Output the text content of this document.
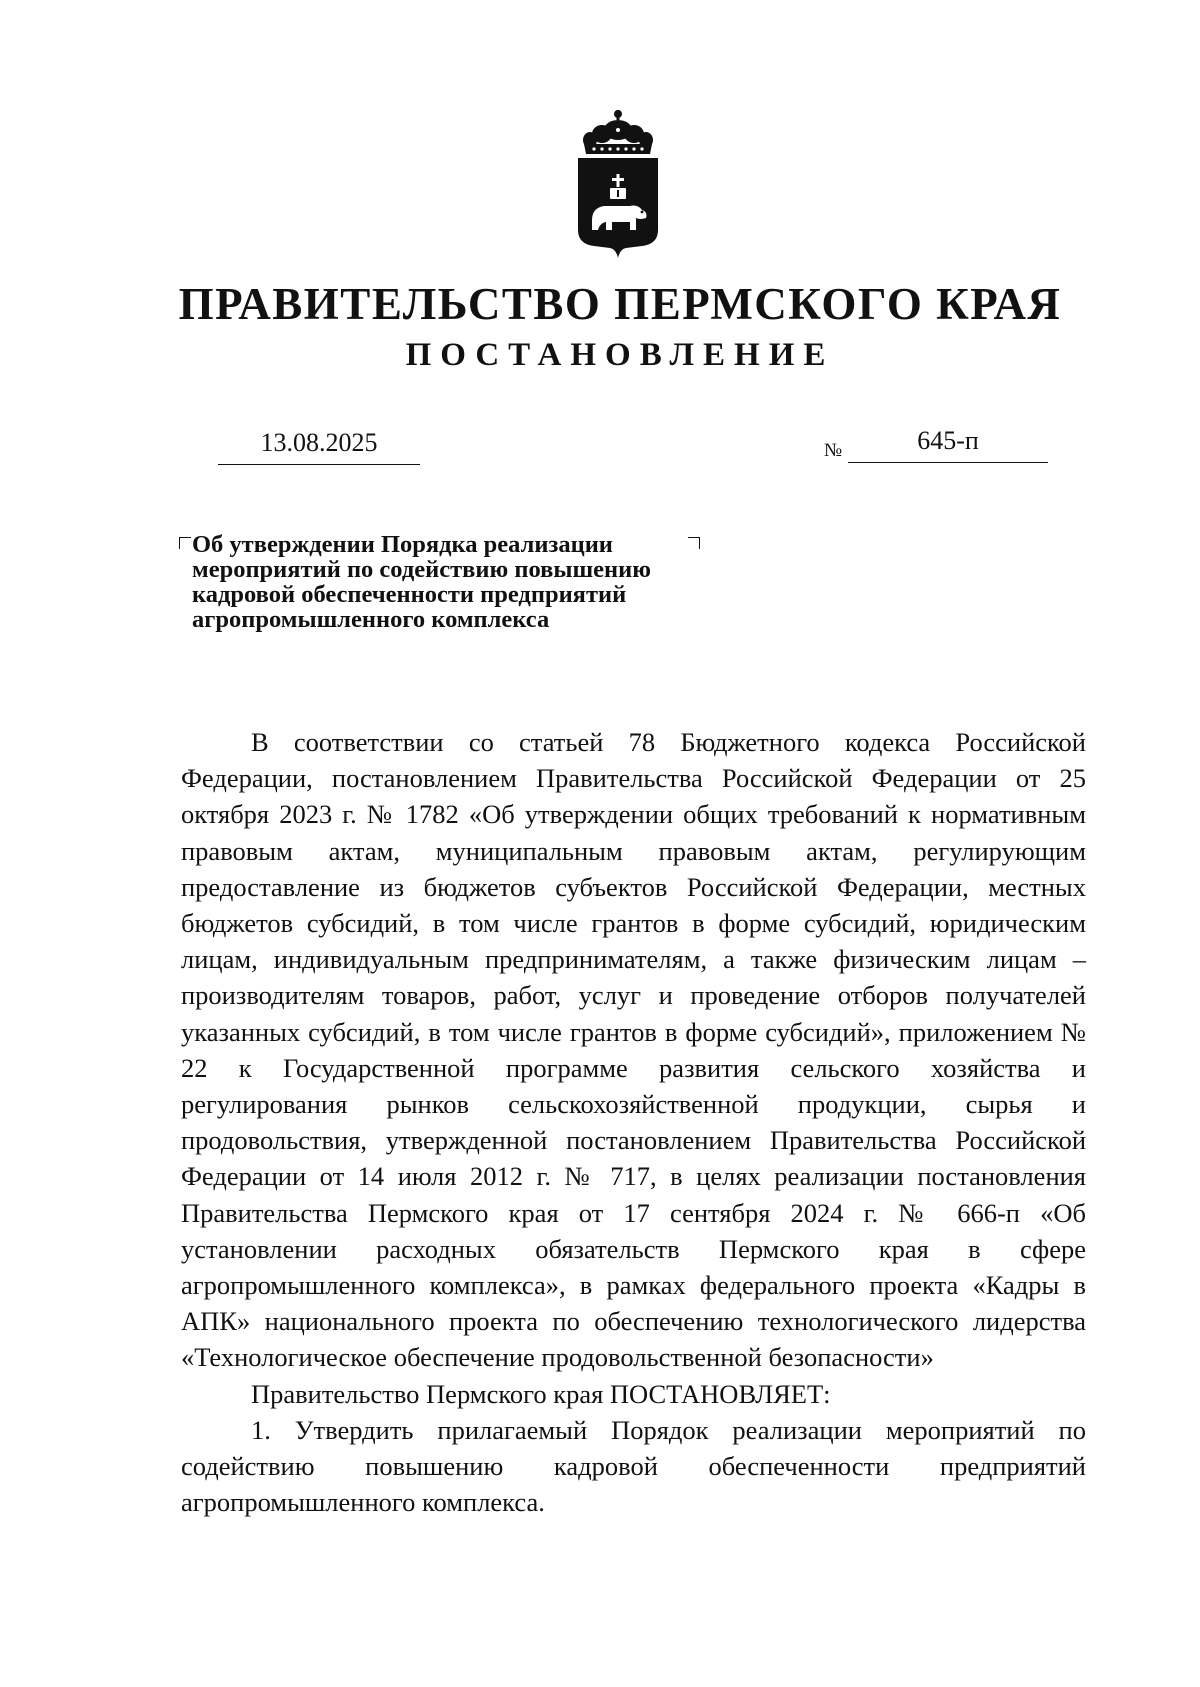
ПРАВИТЕЛЬСТВО ПЕРМСКОГО КРАЯ
ПОСТАНОВЛЕНИЕ
13.08.2025	№	645-п
Об утверждении Порядка реализации
мероприятий по содействию повышению
кадровой обеспеченности предприятий
агропромышленного комплекса

В соответствии со статьей 78 Бюджетного кодекса Российской Федерации, постановлением Правительства Российской Федерации от 25 октября 2023 г. № 1782 «Об утверждении общих требований к нормативным правовым актам, муниципальным правовым актам, регулирующим предоставление из бюджетов субъектов Российской Федерации, местных бюджетов субсидий, в том числе грантов в форме субсидий, юридическим лицам, индивидуальным предпринимателям, а также физическим лицам – производителям товаров, работ, услуг и проведение отборов получателей указанных субсидий, в том числе грантов в форме субсидий», приложением № 22 к Государственной программе развития сельского хозяйства и регулирования рынков сельскохозяйственной продукции, сырья и продовольствия, утвержденной постановлением Правительства Российской Федерации от 14 июля 2012 г. № 717, в целях реализации постановления Правительства Пермского края от 17 сентября 2024 г. № 666-п «Об установлении расходных обязательств Пермского края в сфере агропромышленного комплекса», в рамках федерального проекта «Кадры в АПК» национального проекта по обеспечению технологического лидерства «Технологическое обеспечение продовольственной безопасности»

Правительство Пермского края ПОСТАНОВЛЯЕТ:

1. Утвердить прилагаемый Порядок реализации мероприятий по содействию повышению кадровой обеспеченности предприятий агропромышленного комплекса.
